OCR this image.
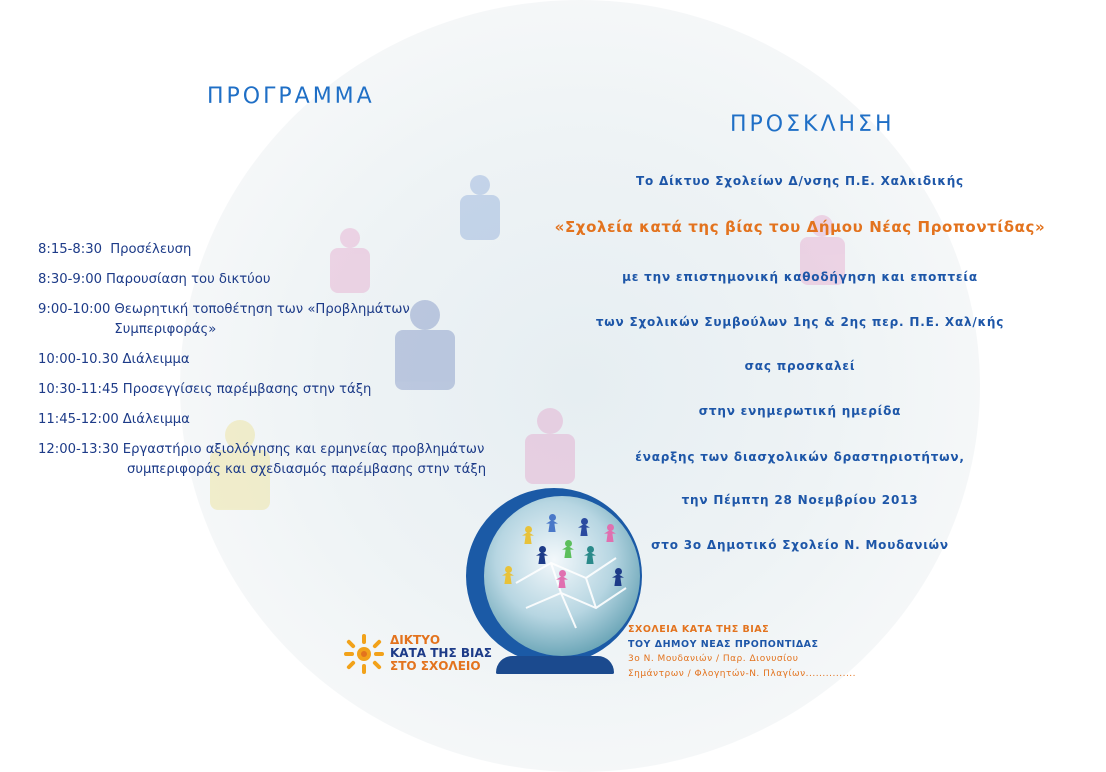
ΠΡΟΓΡΑΜΜΑ
8:15-8:30 Προσέλευση
8:30-9:00 Παρουσίαση του δικτύου
9:00-10:00 Θεωρητική τοποθέτηση των «Προβλημάτων
Συμπεριφοράς»
10:00-10.30 Διάλειμμα
10:30-11:45 Προσεγγίσεις παρέμβασης στην τάξη
11:45-12:00 Διάλειμμα
12:00-13:30 Εργαστήριο αξιολόγησης και ερμηνείας προβλημάτων
συμπεριφοράς και σχεδιασμός παρέμβασης στην τάξη
ΠΡΟΣΚΛΗΣΗ
Το Δίκτυο Σχολείων Δ/νσης Π.Ε. Χαλκιδικής
«Σχολεία κατά της βίας του Δήμου Νέας Προποντίδας»
με την επιστημονική καθοδήγηση και εποπτεία
των Σχολικών Συμβούλων 1ης & 2ης περ. Π.Ε. Χαλ/κής
σας προσκαλεί
στην ενημερωτική ημερίδα
έναρξης των διασχολικών δραστηριοτήτων,
την Πέμπτη 28 Νοεμβρίου 2013
στο 3ο Δημοτικό Σχολείο Ν. Μουδανιών
ΣΧΟΛΕΙΑ ΚΑΤΑ ΤΗΣ ΒΙΑΣ
ΤΟΥ ΔΗΜΟΥ ΝΕΑΣ ΠΡΟΠΟΝΤΙΔΑΣ
3ο Ν. Μουδανιών / Παρ. Διονυσίου
Σημάντρων / Φλογητών-Ν. Πλαγίων...............
ΔΙΚΤΥΟ
ΚΑΤΑ ΤΗΣ ΒΙΑΣ
ΣΤΟ ΣΧΟΛΕΙΟ
